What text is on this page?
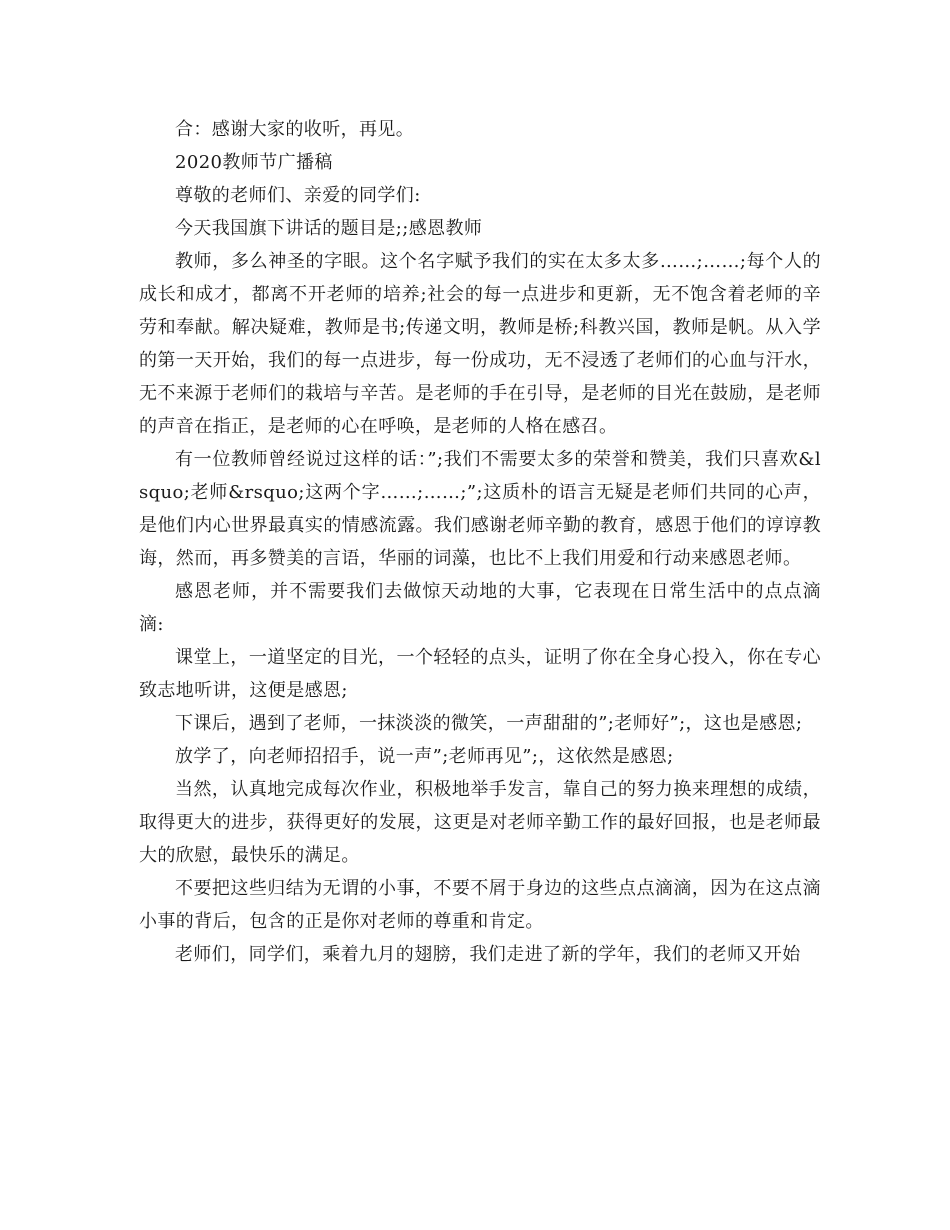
合：感谢大家的收听，再见。

2020教师节广播稿

尊敬的老师们、亲爱的同学们:

今天我国旗下讲话的题目是;;感恩教师

教师，多么神圣的字眼。这个名字赋予我们的实在太多太多……;……;每个人的成长和成才，都离不开老师的培养;社会的每一点进步和更新，无不饱含着老师的辛劳和奉献。解决疑难，教师是书;传递文明，教师是桥;科教兴国，教师是帆。从入学的第一天开始，我们的每一点进步，每一份成功，无不浸透了老师们的心血与汗水，无不来源于老师们的栽培与辛苦。是老师的手在引导，是老师的目光在鼓励，是老师的声音在指正，是老师的心在呼唤，是老师的人格在感召。

有一位教师曾经说过这样的话：”;我们不需要太多的荣誉和赞美，我们只喜欢&lsquo;老师&rsquo;这两个字……;……;”;这质朴的语言无疑是老师们共同的心声，是他们内心世界最真实的情感流露。我们感谢老师辛勤的教育，感恩于他们的谆谆教诲，然而，再多赞美的言语，华丽的词藻，也比不上我们用爱和行动来感恩老师。

感恩老师，并不需要我们去做惊天动地的大事，它表现在日常生活中的点点滴滴:

课堂上，一道坚定的目光，一个轻轻的点头，证明了你在全身心投入，你在专心致志地听讲，这便是感恩;

下课后，遇到了老师，一抹淡淡的微笑，一声甜甜的”;老师好”;，这也是感恩;

放学了，向老师招招手，说一声”;老师再见”;，这依然是感恩;

当然，认真地完成每次作业，积极地举手发言，靠自己的努力换来理想的成绩，取得更大的进步，获得更好的发展，这更是对老师辛勤工作的最好回报，也是老师最大的欣慰，最快乐的满足。

不要把这些归结为无谓的小事，不要不屑于身边的这些点点滴滴，因为在这点滴小事的背后，包含的正是你对老师的尊重和肯定。

老师们，同学们，乘着九月的翅膀，我们走进了新的学年，我们的老师又开始
